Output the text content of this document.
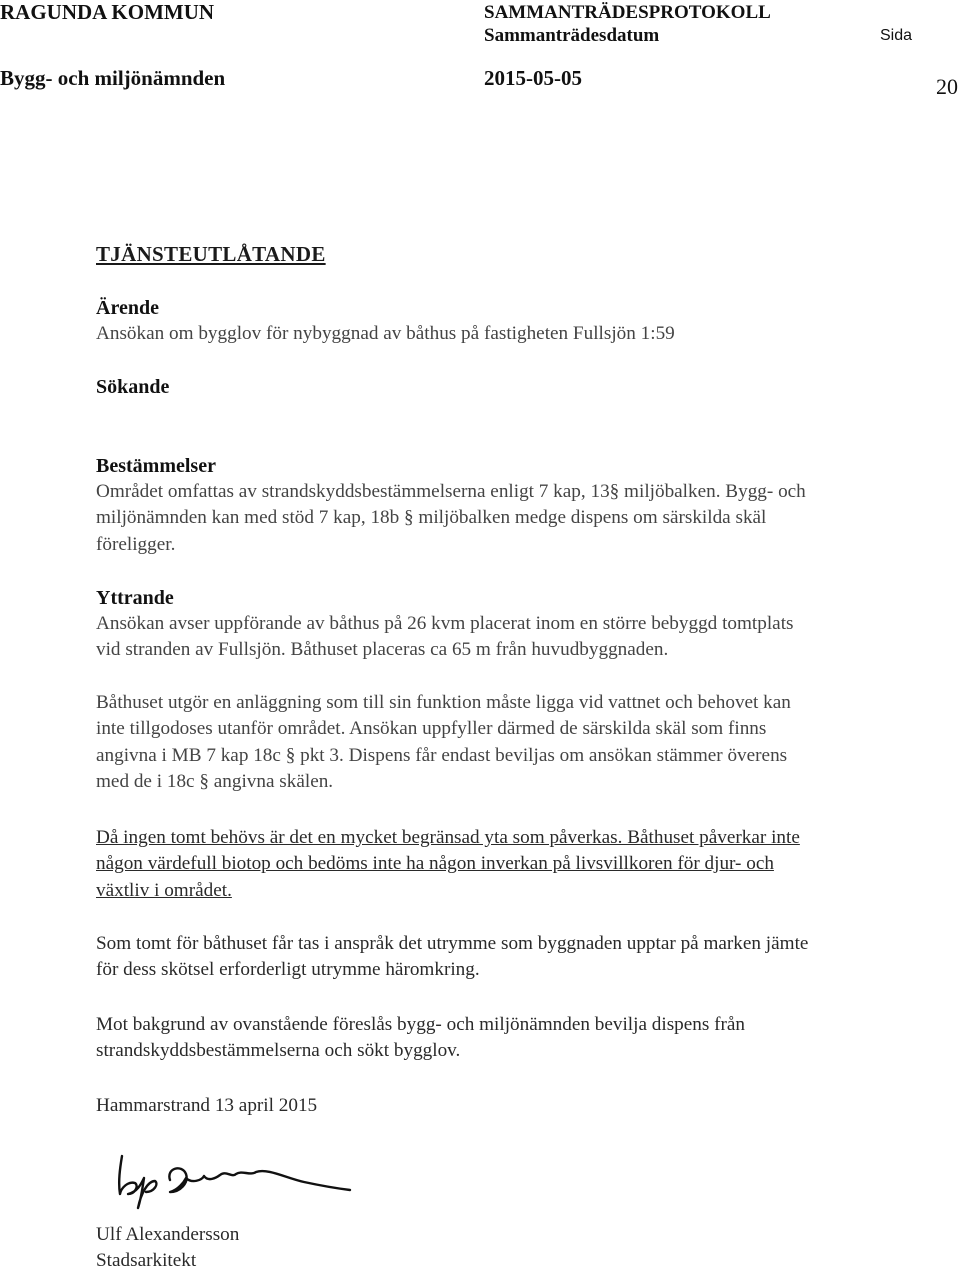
RAGUNDA KOMMUN	SAMMANTRÄDESPROTOKOLL
Sammanträdesdatum	Sida
Bygg- och miljönämnden	2015-05-05	20
TJÄNSTEUTLÅTANDE
Ärende
Ansökan om bygglov för nybyggnad av båthus på fastigheten Fullsjön 1:59
Sökande
Bestämmelser
Området omfattas av strandskyddsbestämmelserna enligt 7 kap, 13§ miljöbalken. Bygg- och
miljönämnden kan med stöd 7 kap, 18b § miljöbalken medge dispens om särskilda skäl
föreligger.
Yttrande
Ansökan avser uppförande av båthus på 26 kvm placerat inom en större bebyggd tomtplats
vid stranden av Fullsjön. Båthuset placeras ca 65 m från huvudbyggnaden.
Båthuset utgör en anläggning som till sin funktion måste ligga vid vattnet och behovet kan
inte tillgodoses utanför området. Ansökan uppfyller därmed de särskilda skäl som finns
angivna i MB 7 kap 18c § pkt 3. Dispens får endast beviljas om ansökan stämmer överens
med de i 18c § angivna skälen.
Då ingen tomt behövs är det en mycket begränsad yta som påverkas. Båthuset påverkar inte
någon värdefull biotop och bedöms inte ha någon inverkan på livsvillkoren för djur- och
växtliv i området.
Som tomt för båthuset får tas i anspråk det utrymme som byggnaden upptar på marken jämte
för dess skötsel erforderligt utrymme häromkring.
Mot bakgrund av ovanstående föreslås bygg- och miljönämnden bevilja dispens från
strandskyddsbestämmelserna och sökt bygglov.
Hammarstrand 13 april 2015
Ulf Alexandersson
Stadsarkitekt
